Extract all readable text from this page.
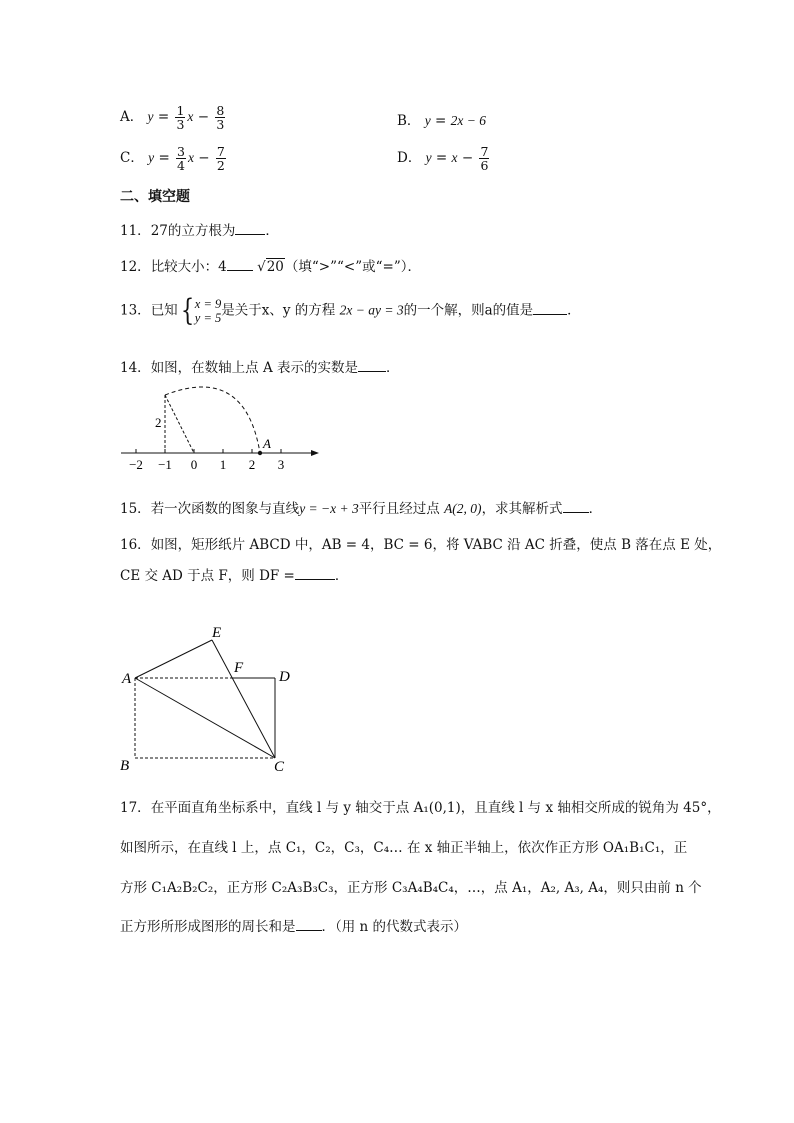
A． $y = \frac{1}{3}$ $x - \frac{8}{3}$	B． y = 2x − 6
C． $y = \frac{3}{4}$ $x - \frac{7}{2}$	D． $y = x - \frac{7}{6}$
二、填空题
11．27的立方根为 ．
12．比较大小：4 √20（填“>”“<”或“=”）．
13．已知{ x = 9
y = 5 是关于x、y 的方程 2x − ay = 3的一个解，则a的值是	．
14．如图，在数轴上点 A 表示的实数是 ．
−2 −1 0 1 2 3
2
A
15．若一次函数的图象与直线y = −x + 3平行且经过点 A(2, 0)，求其解析式 ．
16．如图，矩形纸片 ABCD 中，AB = 4，BC = 6，将 VABC 沿 AC 折叠，使点 B 落在点 E 处，
CE 交 AD 于点 F，则 DF =	．
A
B	C
D
E
F
17．在平面直角坐标系中，直线 l 与 y 轴交于点 A₁(0,1)，且直线 l 与 x 轴相交所成的锐角为 45°，
如图所示，在直线 l 上，点 C₁，C₂，C₃，C₄… 在 x 轴正半轴上，依次作正方形 OA₁B₁C₁，正
方形 C₁A₂B₂C₂，正方形 C₂A₃B₃C₃，正方形 C₃A₄B₄C₄，…，点 A₁，A₂, A₃, A₄，则只由前 n 个
正方形所形成图形的周长和是 ．（用 n 的代数式表示）
